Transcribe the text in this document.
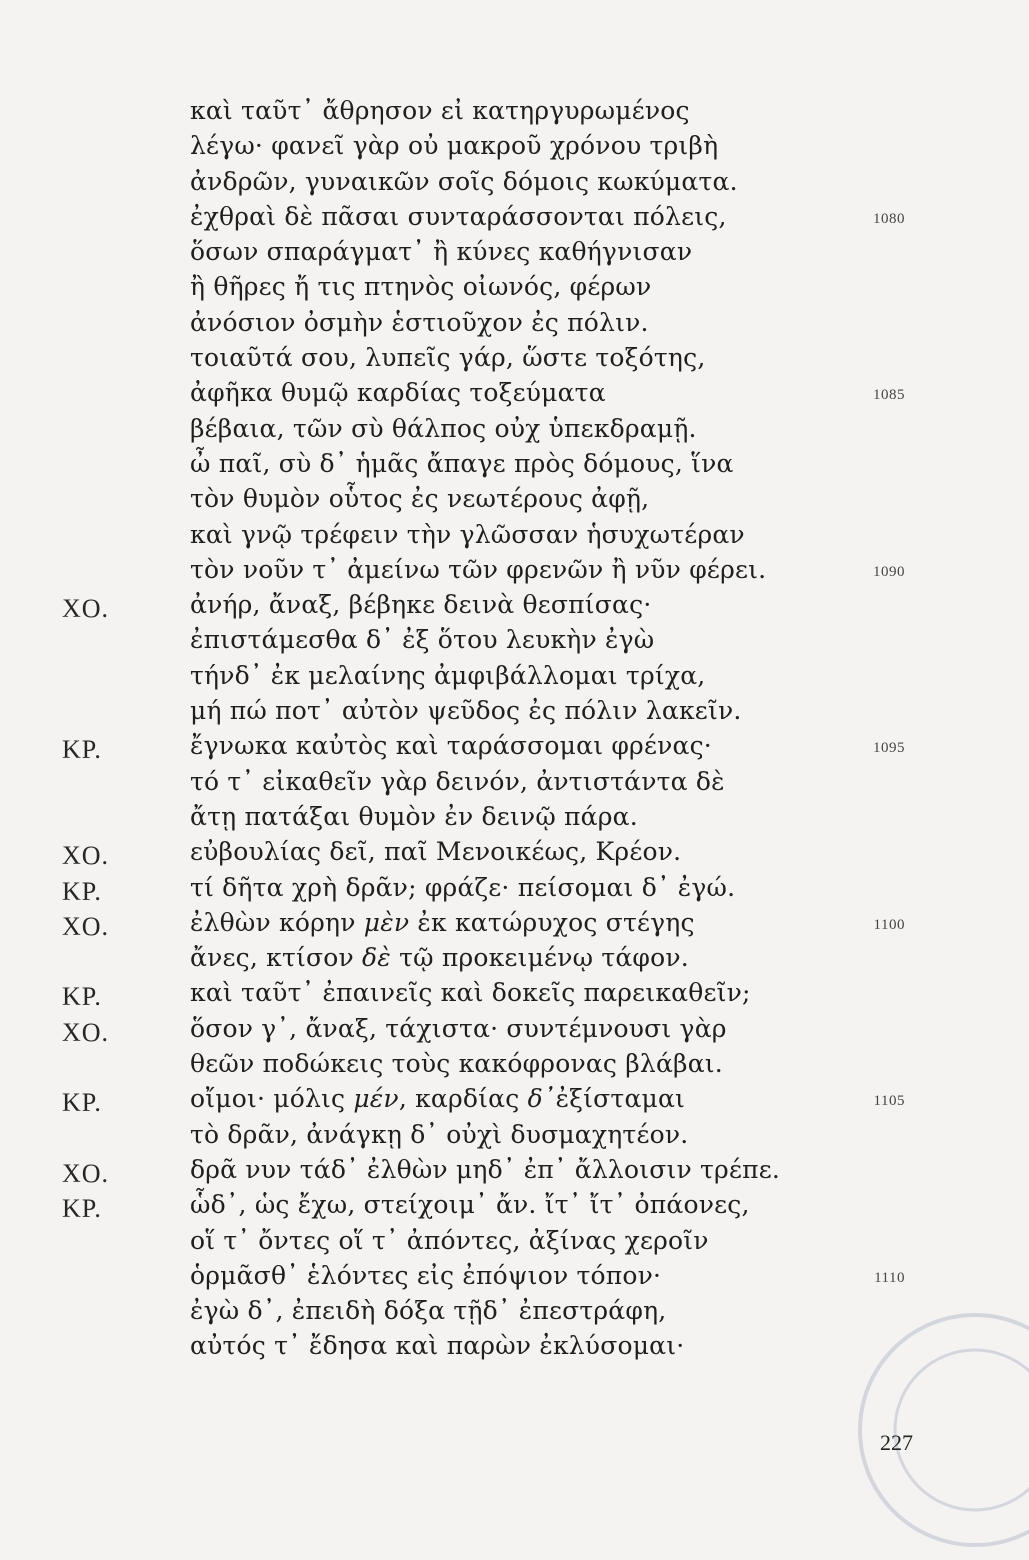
καὶ ταῦτ᾽ ἄθρησον εἰ κατηργυρωμένος
λέγω· φανεῖ γὰρ οὐ μακροῦ χρόνου τριβὴ
ἀνδρῶν, γυναικῶν σοῖς δόμοις κωκύματα.
ἐχθραὶ δὲ πᾶσαι συνταράσσονται πόλεις,	1080
ὅσων σπαράγματ᾽ ἢ κύνες καθήγνισαν
ἢ θῆρες ἤ τις πτηνὸς οἰωνός, φέρων
ἀνόσιον ὀσμὴν ἑστιοῦχον ἐς πόλιν.
τοιαῦτά σου, λυπεῖς γάρ, ὥστε τοξότης,
ἀφῆκα θυμῷ καρδίας τοξεύματα	1085
βέβαια, τῶν σὺ θάλπος οὐχ ὑπεκδραμῇ.
ὦ παῖ, σὺ δ᾽ ἡμᾶς ἄπαγε πρὸς δόμους, ἵνα
τὸν θυμὸν οὗτος ἐς νεωτέρους ἀφῇ,
καὶ γνῷ τρέφειν τὴν γλῶσσαν ἡσυχωτέραν
τὸν νοῦν τ᾽ ἀμείνω τῶν φρενῶν ἢ νῦν φέρει.	1090
ΧΟ.	ἀνήρ, ἄναξ, βέβηκε δεινὰ θεσπίσας·
ἐπιστάμεσθα δ᾽ ἐξ ὅτου λευκὴν ἐγὼ
τήνδ᾽ ἐκ μελαίνης ἀμφιβάλλομαι τρίχα,
μή πώ ποτ᾽ αὐτὸν ψεῦδος ἐς πόλιν λακεῖν.
ΚΡ.	ἔγνωκα καὐτὸς καὶ ταράσσομαι φρένας·	1095
τό τ᾽ εἰκαθεῖν γὰρ δεινόν, ἀντιστάντα δὲ
ἄτῃ πατάξαι θυμὸν ἐν δεινῷ πάρα.
ΧΟ.	εὐβουλίας δεῖ, παῖ Μενοικέως, Κρέον.
ΚΡ.	τί δῆτα χρὴ δρᾶν; φράζε· πείσομαι δ᾽ ἐγώ.
ΧΟ.	ἐλθὼν κόρην μὲν ἐκ κατώρυχος στέγης	1100
ἄνες, κτίσον δὲ τῷ προκειμένῳ τάφον.
ΚΡ.	καὶ ταῦτ᾽ ἐπαινεῖς καὶ δοκεῖς παρεικαθεῖν;
ΧΟ.	ὅσον γ᾽, ἄναξ, τάχιστα· συντέμνουσι γὰρ
θεῶν ποδώκεις τοὺς κακόφρονας βλάβαι.
ΚΡ.	οἴμοι· μόλις μέν, καρδίας δ᾽ἐξίσταμαι	1105
τὸ δρᾶν, ἀνάγκῃ δ᾽ οὐχὶ δυσμαχητέον.
ΧΟ.	δρᾶ νυν τάδ᾽ ἐλθὼν μηδ᾽ ἐπ᾽ ἄλλοισιν τρέπε.
ΚΡ.	ὧδ᾽, ὡς ἔχω, στείχοιμ᾽ ἄν. ἴτ᾽ ἴτ᾽ ὀπάονες,
οἵ τ᾽ ὄντες οἵ τ᾽ ἀπόντες, ἀξίνας χεροῖν
ὁρμᾶσθ᾽ ἑλόντες εἰς ἐπόψιον τόπον·	1110
ἐγὼ δ᾽, ἐπειδὴ δόξα τῇδ᾽ ἐπεστράφη,
αὐτός τ᾽ ἔδησα καὶ παρὼν ἐκλύσομαι·
227
